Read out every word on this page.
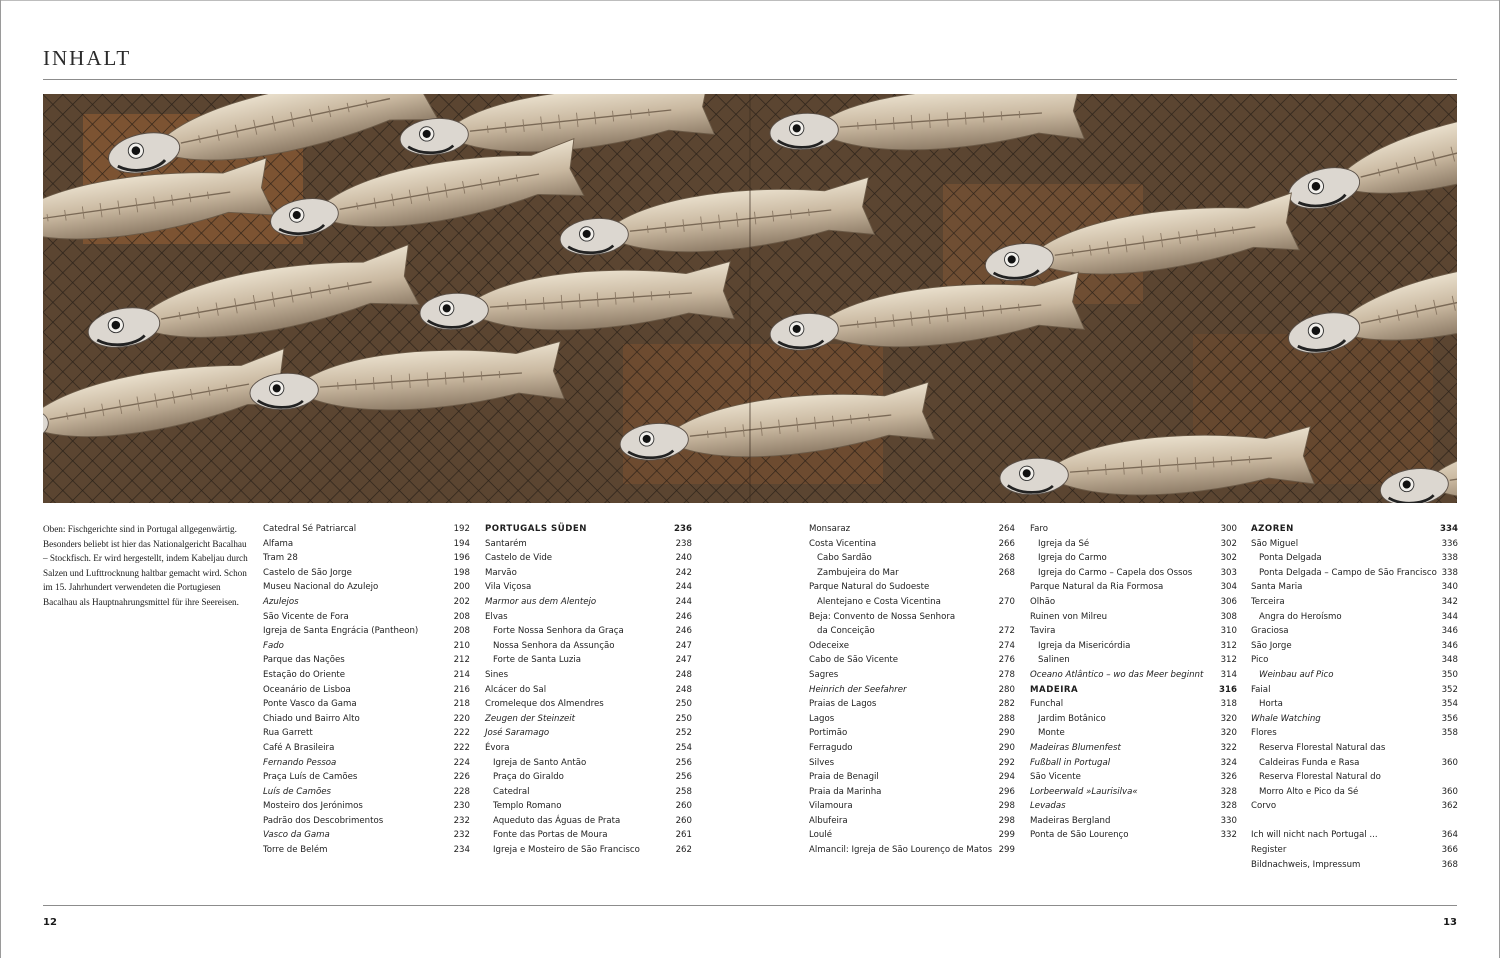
INHALT
Oben: Fischgerichte sind in Portugal allgegenwärtig. Besonders beliebt ist hier das Nationalgericht Bacalhau – Stockfisch. Er wird hergestellt, indem Kabeljau durch Salzen und Lufttrocknung haltbar gemacht wird. Schon im 15. Jahrhundert verwendeten die Portugiesen Bacalhau als Hauptnahrungsmittel für ihre Seereisen.
Catedral Sé Patriarcal	192
Alfama	194
Tram 28	196
Castelo de São Jorge	198
Museu Nacional do Azulejo	200
Azulejos	202
São Vicente de Fora	208
Igreja de Santa Engrácia (Pantheon)	208
Fado	210
Parque das Nações	212
Estação do Oriente	214
Oceanário de Lisboa	216
Ponte Vasco da Gama	218
Chiado und Bairro Alto	220
Rua Garrett	222
Café A Brasileira	222
Fernando Pessoa	224
Praça Luís de Camões	226
Luís de Camões	228
Mosteiro dos Jerónimos	230
Padrão dos Descobrimentos	232
Vasco da Gama	232
Torre de Belém	234
PORTUGALS SÜDEN	236
Santarém	238
Castelo de Vide	240
Marvão	242
Vila Viçosa	244
Marmor aus dem Alentejo	244
Elvas	246
Forte Nossa Senhora da Graça	246
Nossa Senhora da Assunção	247
Forte de Santa Luzia	247
Sines	248
Alcácer do Sal	248
Cromeleque dos Almendres	250
Zeugen der Steinzeit	250
José Saramago	252
Évora	254
Igreja de Santo Antão	256
Praça do Giraldo	256
Catedral	258
Templo Romano	260
Aqueduto das Águas de Prata	260
Fonte das Portas de Moura	261
Igreja e Mosteiro de São Francisco	262
Monsaraz	264
Costa Vicentina	266
Cabo Sardão	268
Zambujeira do Mar	268
Parque Natural do Sudoeste
Alentejano e Costa Vicentina	270
Beja: Convento de Nossa Senhora
da Conceição	272
Odeceixe	274
Cabo de São Vicente	276
Sagres	278
Heinrich der Seefahrer	280
Praias de Lagos	282
Lagos	288
Portimão	290
Ferragudo	290
Silves	292
Praia de Benagil	294
Praia da Marinha	296
Vilamoura	298
Albufeira	298
Loulé	299
Almancil: Igreja de São Lourenço de Matos 299
Faro	300
Igreja da Sé	302
Igreja do Carmo	302
Igreja do Carmo – Capela dos Ossos	303
Parque Natural da Ria Formosa	304
Olhão	306
Ruinen von Milreu	308
Tavira	310
Igreja da Misericórdia	312
Salinen	312
Oceano Atlântico – wo das Meer beginnt 314
MADEIRA	316
Funchal	318
Jardim Botânico	320
Monte	320
Madeiras Blumenfest	322
Fußball in Portugal	324
São Vicente	326
Lorbeerwald »Laurisilva«	328
Levadas	328
Madeiras Bergland	330
Ponta de São Lourenço	332
AZOREN	334
São Miguel	336
Ponta Delgada	338
Ponta Delgada – Campo de São Francisco 338
Santa Maria	340
Terceira	342
Angra do Heroísmo	344
Graciosa	346
São Jorge	346
Pico	348
Weinbau auf Pico	350
Faial	352
Horta	354
Whale Watching	356
Flores	358
Reserva Florestal Natural das
Caldeiras Funda e Rasa	360
Reserva Florestal Natural do
Morro Alto e Pico da Sé	360
Corvo	362
Ich will nicht nach Portugal ...	364
Register	366
Bildnachweis, Impressum	368
12	13
